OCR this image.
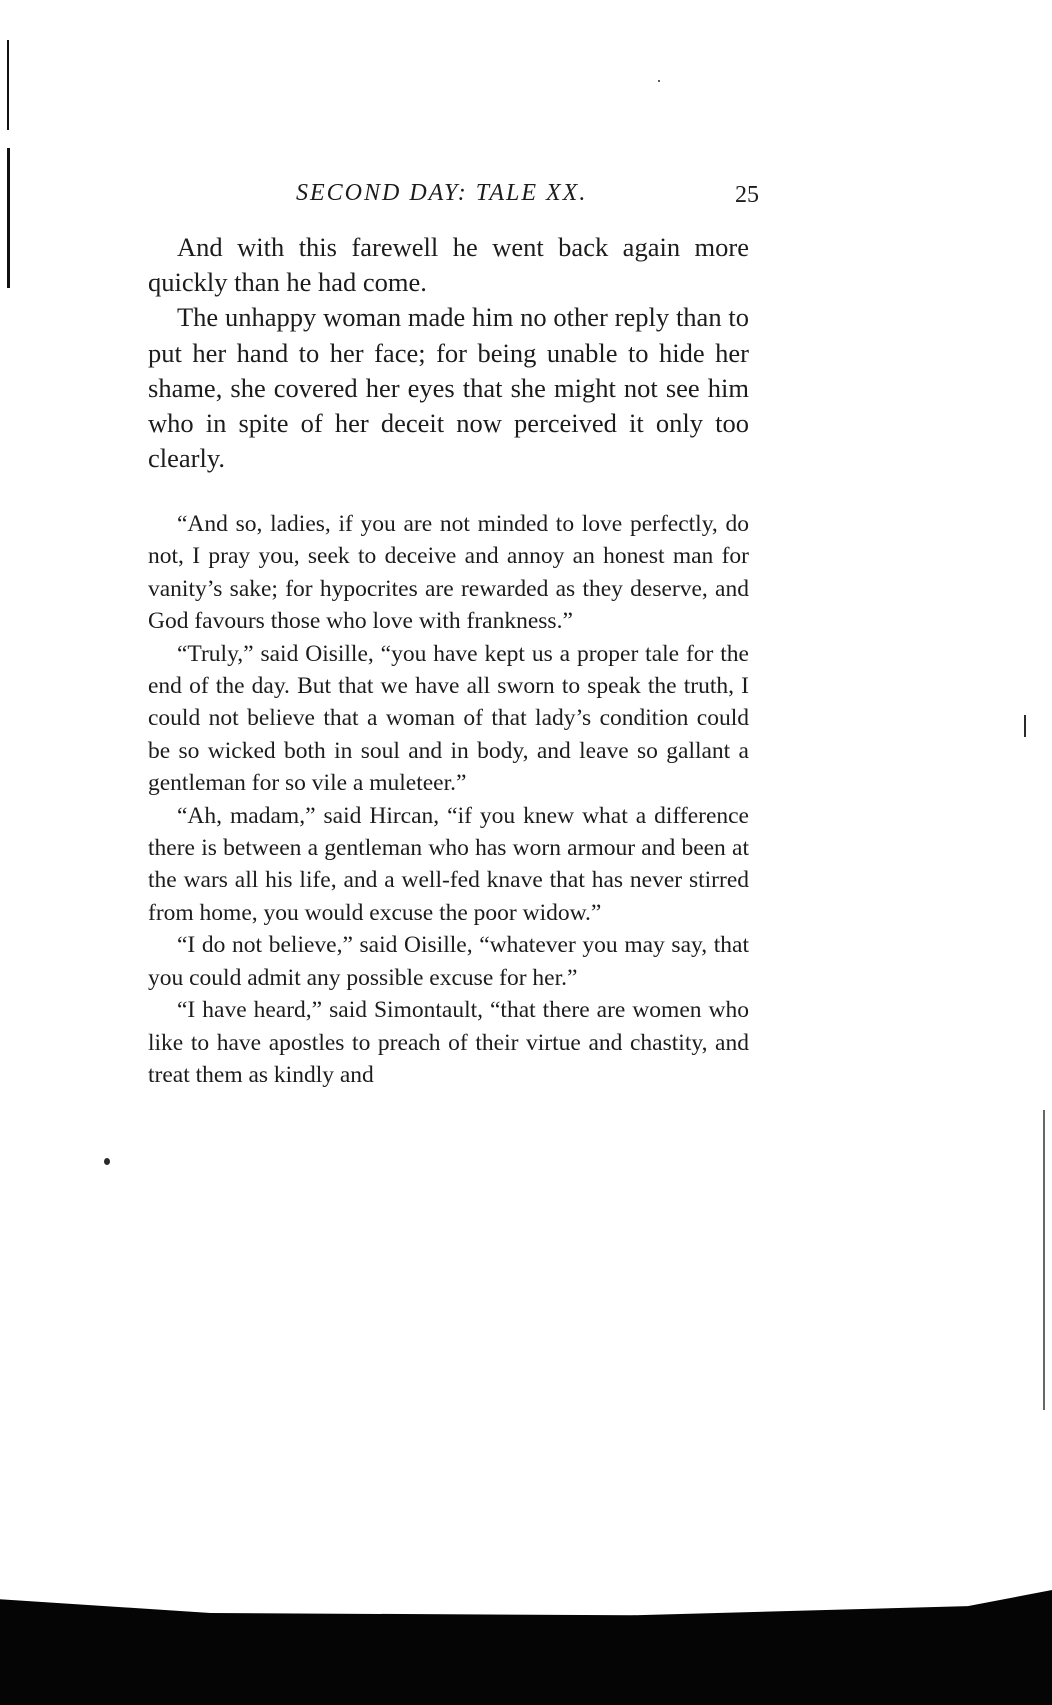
SECOND DAY: TALE XX.	25

And with this farewell he went back again more quickly than he had come.

The unhappy woman made him no other reply than to put her hand to her face; for being unable to hide her shame, she covered her eyes that she might not see him who in spite of her deceit now perceived it only too clearly.

“And so, ladies, if you are not minded to love perfectly, do not, I pray you, seek to deceive and annoy an honest man for vanity’s sake; for hypocrites are rewarded as they deserve, and God favours those who love with frankness.”

“Truly,” said Oisille, “you have kept us a proper tale for the end of the day. But that we have all sworn to speak the truth, I could not believe that a woman of that lady’s condition could be so wicked both in soul and in body, and leave so gallant a gentleman for so vile a muleteer.”

“Ah, madam,” said Hircan, “if you knew what a difference there is between a gentleman who has worn armour and been at the wars all his life, and a well-fed knave that has never stirred from home, you would excuse the poor widow.”

“I do not believe,” said Oisille, “whatever you may say, that you could admit any possible excuse for her.”

“I have heard,” said Simontault, “that there are women who like to have apostles to preach of their virtue and chastity, and treat them as kindly and
